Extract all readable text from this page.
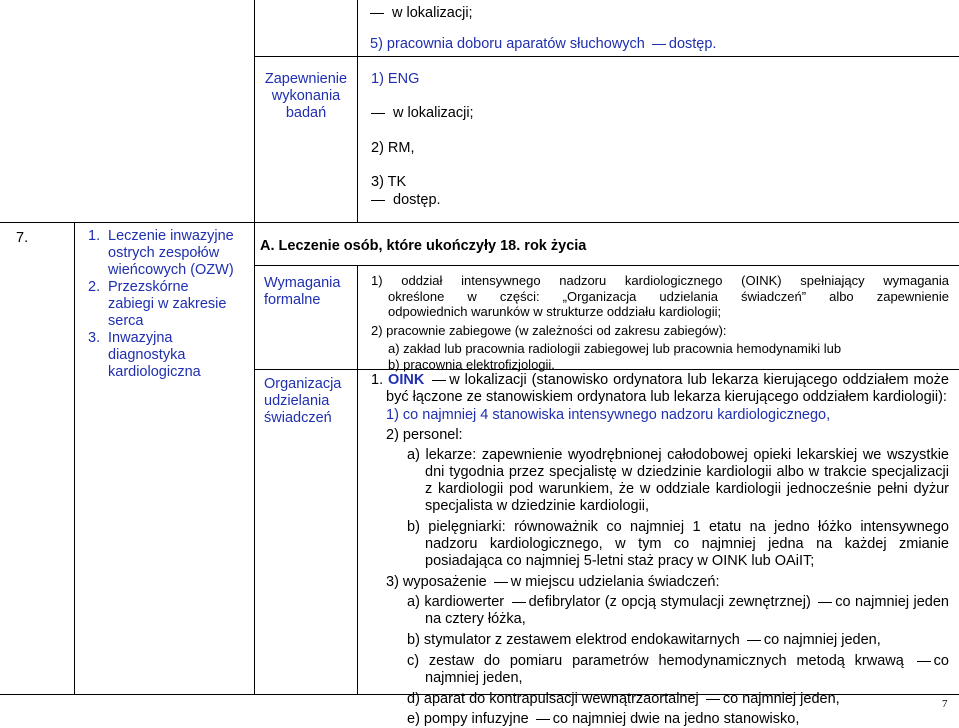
w lokalizacji;
5) pracownia doboru aparatów słuchowych dostęp.
Zapewnienie
wykonania
badań
1) ENG
w lokalizacji;
2) RM,
3) TK
dostęp.
7.	1. Leczenie inwazyjne
ostrych zespołów
wieńcowych (OZW)
2. Przezskórne
zabiegi w zakresie
serca
3. Inwazyjna
diagnostyka
kardiologiczna
A. Leczenie osób, które ukończyły 18. rok życia
Wymagania
formalne
Organizacja
udzielania
świadczeń
1) oddział intensywnego nadzoru kardiologicznego (OINK) spełniający wymagania
określone w części: „Organizacja udzielania świadczeń” albo zapewnienie
odpowiednich warunków w strukturze oddziału kardiologii;
2) pracownie zabiegowe (w zależności od zakresu zabiegów):
a) zakład lub pracownia radiologii zabiegowej lub pracownia hemodynamiki lub
b) pracownia elektrofizjologii.
1. OINK w lokalizacji (stanowisko ordynatora lub lekarza kierującego oddziałem może
być łączone ze stanowiskiem ordynatora lub lekarza kierującego oddziałem kardiologii):
1) co najmniej 4 stanowiska intensywnego nadzoru kardiologicznego,
2) personel:
a) lekarze: zapewnienie wyodrębnionej całodobowej opieki lekarskiej we wszystkie
dni tygodnia przez specjalistę w dziedzinie kardiologii albo w trakcie specjalizacji
z kardiologii pod warunkiem, że w oddziale kardiologii jednocześnie pełni dyżur
specjalista w dziedzinie kardiologii,
b) pielęgniarki: równoważnik co najmniej 1 etatu na jedno łóżko intensywnego
nadzoru kardiologicznego, w tym co najmniej jedna na każdej zmianie
posiadająca co najmniej 5-letni staż pracy w OINK lub OAiIT;
3) wyposażenie w miejscu udzielania świadczeń:
a) kardiowerter defibrylator (z opcją stymulacji zewnętrznej) co najmniej jeden
na cztery łóżka,
b) stymulator z zestawem elektrod endokawitarnych co najmniej jeden,
c) zestaw do pomiaru parametrów hemodynamicznych metodą krwawą co
najmniej jeden,
d) aparat do kontrapulsacji wewnątrzaortalnej co najmniej jeden,
e) pompy infuzyjne co najmniej dwie na jedno stanowisko,
7
